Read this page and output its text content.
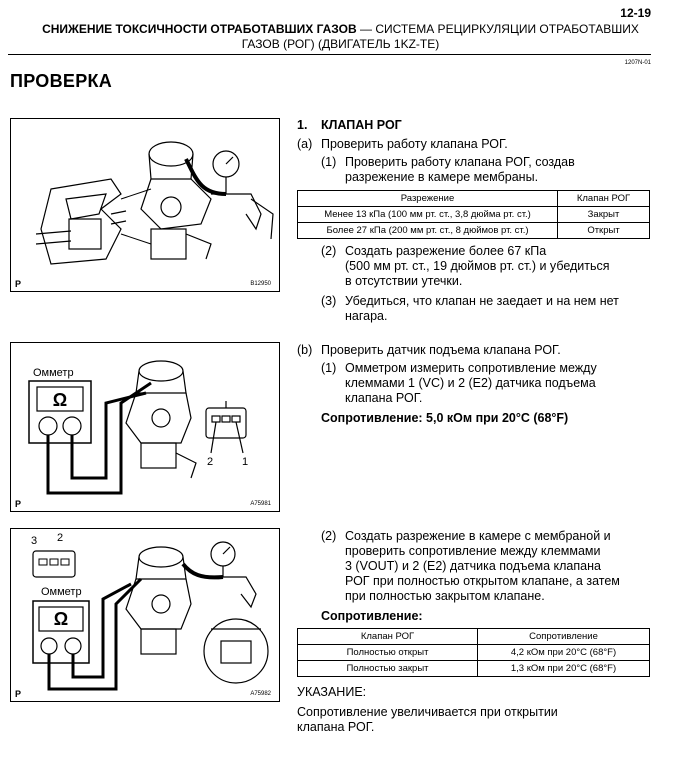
12-19
СНИЖЕНИЕ ТОКСИЧНОСТИ ОТРАБОТАВШИХ ГАЗОВ — СИСТЕМА РЕЦИРКУЛЯЦИИ ОТРАБОТАВШИХ
ГАЗОВ (РОГ) (ДВИГАТЕЛЬ 1KZ-TE)
1207N-01
ПРОВЕРКА
P	B12950
Омметр
Ω
2	1
P	A75981
3 2
Омметр
Ω
P	A75982
1. КЛАПАН РОГ
(a) Проверить работу клапана РОГ.
(1) Проверить работу клапана РОГ, создав
разрежение в камере мембраны.
Разрежение	Клапан РОГ
Менее 13 кПа (100 мм рт. ст., 3,8 дюйма рт. ст.)	Закрыт
Более 27 кПа (200 мм рт. ст., 8 дюймов рт. ст.)	Открыт
(2) Создать разрежение более 67 кПа
(500 мм рт. ст., 19 дюймов рт. ст.) и убедиться
в отсутствии утечки.
(3) Убедиться, что клапан не заедает и на нем нет
нагара.
(b) Проверить датчик подъема клапана РОГ.
(1) Омметром измерить сопротивление между
клеммами 1 (VC) и 2 (E2) датчика подъема
клапана РОГ.
Сопротивление: 5,0 кОм при 20°C (68°F)
(2) Создать разрежение в камере с мембраной и
проверить сопротивление между клеммами
3 (VOUT) и 2 (E2) датчика подъема клапана
РОГ при полностью открытом клапане, а затем
при полностью закрытом клапане.
Сопротивление:
Клапан РОГ	Сопротивление
Полностью открыт	4,2 кОм при 20°C (68°F)
Полностью закрыт	1,3 кОм при 20°C (68°F)
УКАЗАНИЕ:
Сопротивление увеличивается при открытии
клапана РОГ.
